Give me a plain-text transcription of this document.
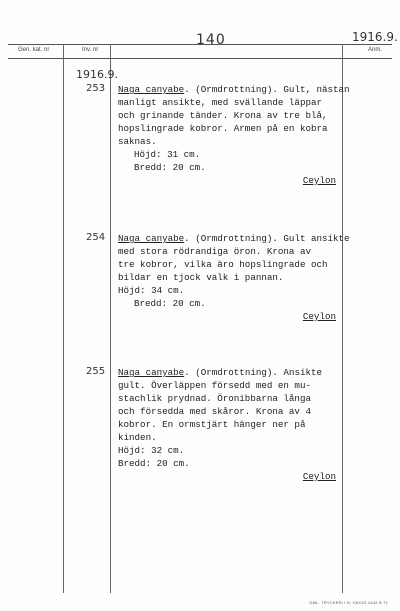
140	1916.9.
Gen. kat. nr	Inv. nr	Anm.
1916.9.
253 Naga canyabe. (Ormdrottning). Gult, nästan

manligt ansikte, med svällande läppar

och grinande tänder. Krona av tre blå,

hopslingrade kobror. Armen på en kobra

saknas.

Höjd: 31 cm.

Bredd: 20 cm.

Ceylon

254 Naga canyabe. (Ormdrottning). Gult ansikte

med stora rödrandiga öron. Krona av

tre kobror, vilka äro hopslingrade och

bildar en tjock valk i pannan.

Höjd: 34 cm.

Bredd: 20 cm.

Ceylon

255 Naga canyabe. (Ormdrottning). Ansikte

gult. Överläppen försedd med en mu-

stachlik prydnad. Öronibbarna långa

och försedda med skåror. Krona av 4

kobror. En ormstjärt hänger ner på

kinden.

Höjd: 32 cm.

Bredd: 20 cm.

Ceylon

GML. TRYCKERI I N. VÄXJÖ 2442 B 71
